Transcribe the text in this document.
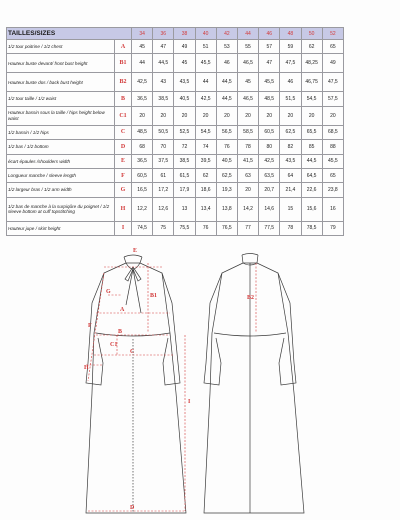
TAILLES/SIZES		34	36	38	40	42	44	46	48	50	52
1/2 tour poitrine / 1/2 chest	A	45	47	49	51	53	55	57	59	62	65
Hauteur buste devant/ front bust height	B1	44	44,5	45	45,5	46	46,5	47	47,5	48,25	49
Hauteur buste dos / back bust height	B2	42,5	43	43,5	44	44,5	45	45,5	46	46,75	47,5
1/2 tour taille / 1/2 waist	B	36,5	38,5	40,5	42,5	44,5	46,5	48,5	51,5	54,5	57,5
Hauteur bassin sous la taille / hips height below waist	C1	20	20	20	20	20	20	20	20	20	20
1/2 bassin / 1/2 hips	C	48,5	50,5	52,5	54,5	56,5	58,5	60,5	62,5	65,5	68,5
1/2 bas / 1/2 bottom	D	68	70	72	74	76	78	80	82	85	88
écart épaules /shoulders width	E	36,5	37,5	38,5	39,5	40,5	41,5	42,5	43,5	44,5	45,5
Longueur manche / sleeve length	F	60,5	61	61,5	62	62,5	63	63,5	64	64,5	65
1/2 largeur bras / 1/2 arm width	G	16,5	17,2	17,9	18,6	19,3	20	20,7	21,4	22,6	23,8
1/2 bas de manche à la surpiqûre du poignet / 1/2 sleeve bottom at cuff topstitching	H	12,2	12,6	13	13,4	13,8	14,2	14,6	15	15,6	16
Hauteur jupe / skirt height	I	74,5	75	75,5	76	76,5	77	77,5	78	78,5	79
E
B1
G
A
B
C1
F
H
C
I
D
B2
